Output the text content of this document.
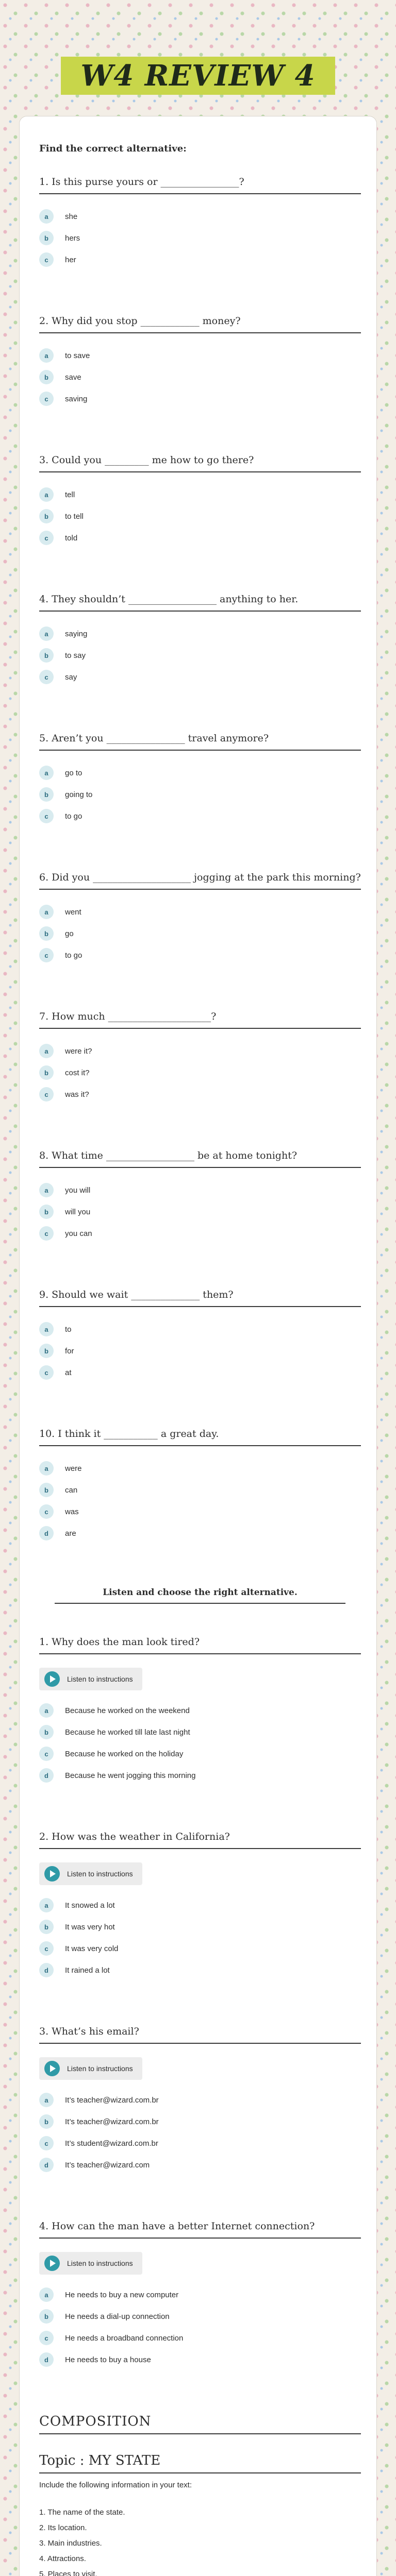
W4 REVIEW 4
Find the correct alternative:
1. Is this purse yours or ________________?
a	she
b	hers
c	her
2. Why did you stop ____________ money?
a	to save
b	save
c	saving
3. Could you _________ me how to go there?
a	tell
b	to tell
c	told
4. They shouldn’t __________________ anything to her.
a	saying
b	to say
c	say
5. Aren’t you ________________ travel anymore?
a	go to
b	going to
c	to go
6. Did you ____________________ jogging at the park this morning?
a	went
b	go
c	to go
7. How much _____________________?
a	were it?
b	cost it?
c	was it?
8. What time __________________ be at home tonight?
a	you will
b	will you
c	you can
9. Should we wait ______________ them?
a	to
b	for
c	at
10. I think it ___________ a great day.
a	were
b	can
c	was
d	are
Listen and choose the right alternative.
1. Why does the man look tired?
Listen to instructions
a	Because he worked on the weekend
b	Because he worked till late last night
c	Because he worked on the holiday
d	Because he went jogging this morning
2. How was the weather in California?
Listen to instructions
a	It snowed a lot
b	It was very hot
c	It was very cold
d	It rained a lot
3. What’s his email?
Listen to instructions
a	It’s teacher@wizard.com.br
b	It’s teacher@wizard.com.br
c	It’s student@wizard.com.br
d	It’s teacher@wizard.com
4. How can the man have a better Internet connection?
Listen to instructions
a	He needs to buy a new computer
b	He needs a dial-up connection
c	He needs a broadband connection
d	He needs to buy a house
COMPOSITION
Topic : MY STATE
Include the following information in your text:
1. The name of the state.
2. Its location.
3. Main industries.
4. Attractions.
5. Places to visit.
